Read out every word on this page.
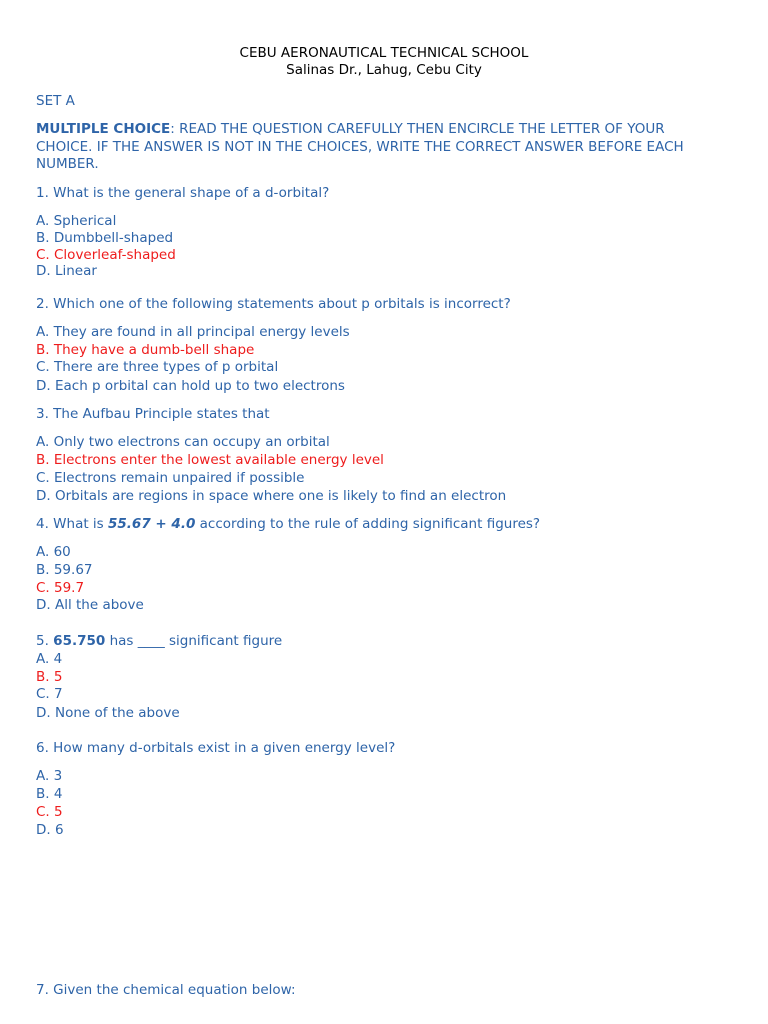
CEBU AERONAUTICAL TECHNICAL SCHOOL
Salinas Dr., Lahug, Cebu City
SET A
MULTIPLE CHOICE: READ THE QUESTION CAREFULLY THEN ENCIRCLE THE LETTER OF YOUR CHOICE. IF THE ANSWER IS NOT IN THE CHOICES, WRITE THE CORRECT ANSWER BEFORE EACH NUMBER.
1. What is the general shape of a d-orbital?
A. Spherical
B. Dumbbell-shaped
C. Cloverleaf-shaped
D. Linear
2. Which one of the following statements about p orbitals is incorrect?
A. They are found in all principal energy levels
B. They have a dumb-bell shape
C. There are three types of p orbital
D. Each p orbital can hold up to two electrons
3. The Aufbau Principle states that
A. Only two electrons can occupy an orbital
B. Electrons enter the lowest available energy level
C. Electrons remain unpaired if possible
D. Orbitals are regions in space where one is likely to find an electron
4. What is 55.67 + 4.0 according to the rule of adding significant figures?
A. 60
B. 59.67
C. 59.7
D. All the above
5. 65.750 has ____ significant figure
A. 4
B. 5
C. 7
D. None of the above
6. How many d-orbitals exist in a given energy level?
A. 3
B. 4
C. 5
D. 6
7. Given the chemical equation below:
